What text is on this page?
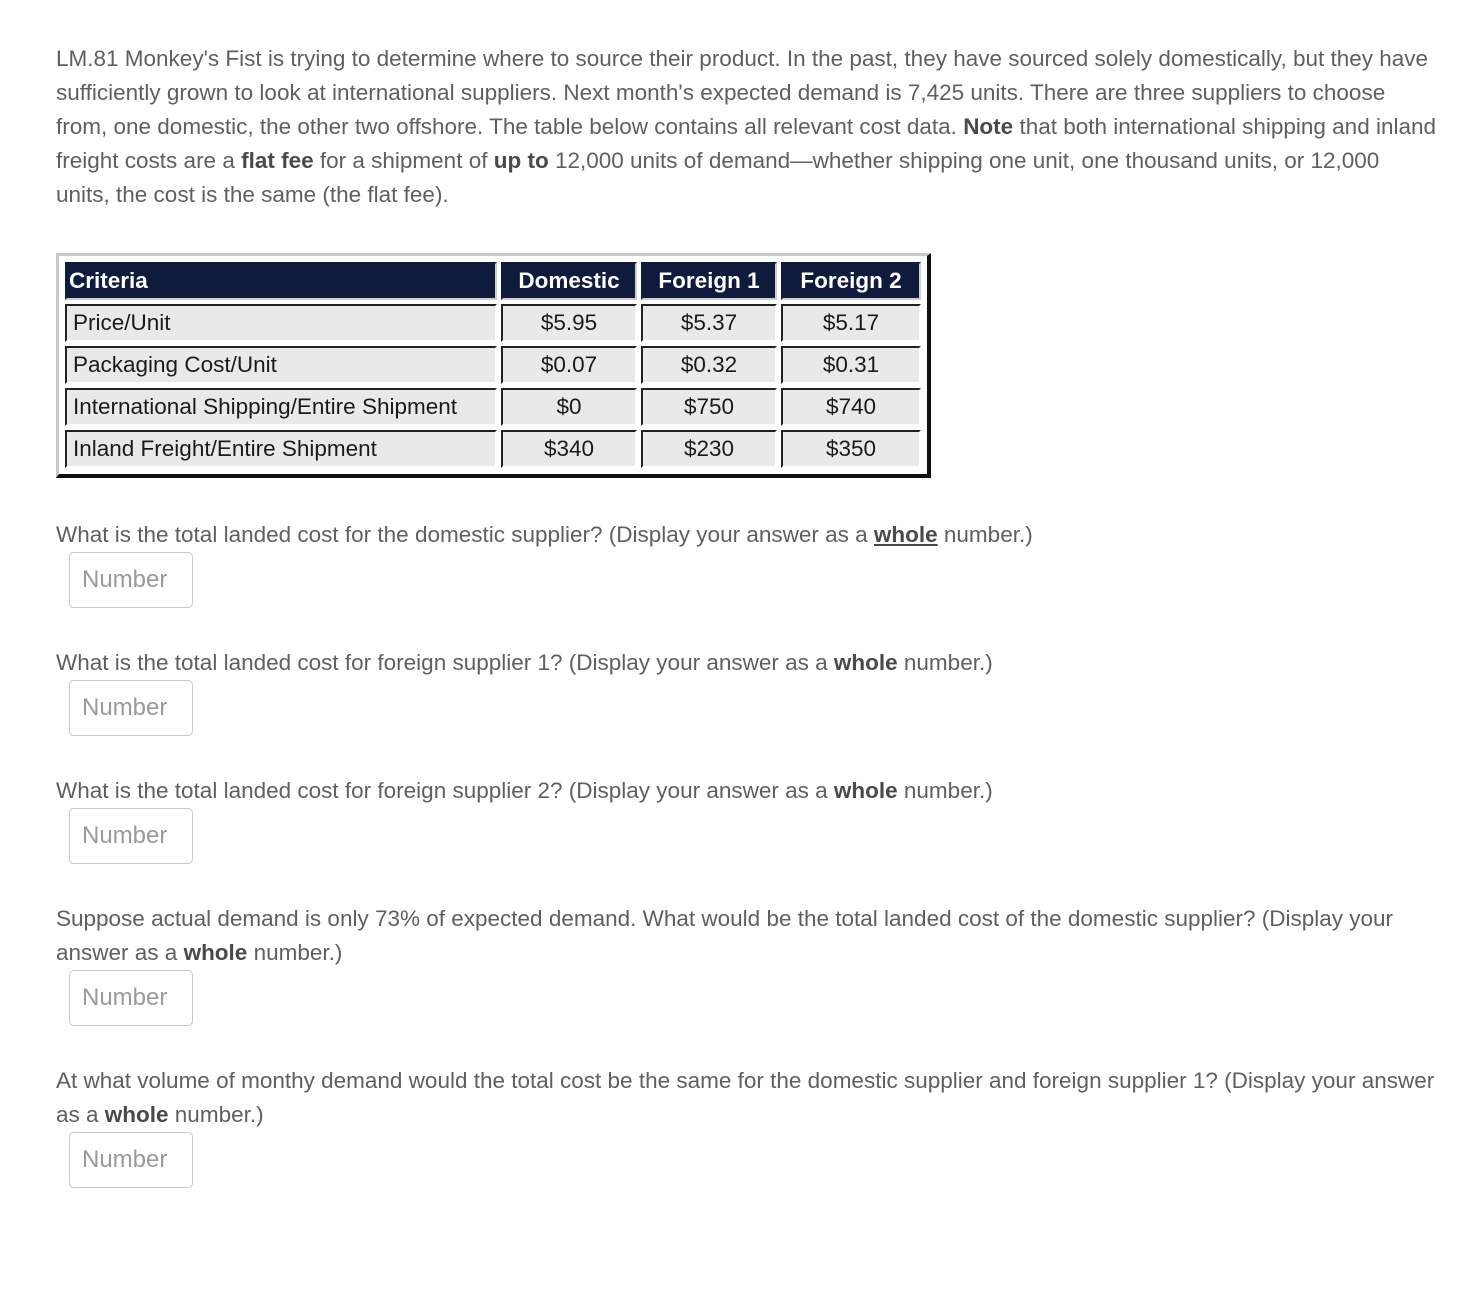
LM.81 Monkey's Fist is trying to determine where to source their product. In the past, they have sourced solely domestically, but they have sufficiently grown to look at international suppliers. Next month's expected demand is 7,425 units. There are three suppliers to choose from, one domestic, the other two offshore. The table below contains all relevant cost data. Note that both international shipping and inland freight costs are a flat fee for a shipment of up to 12,000 units of demand—whether shipping one unit, one thousand units, or 12,000 units, the cost is the same (the flat fee).

Criteria	Domestic	Foreign 1	Foreign 2
Price/Unit	$5.95	$5.37	$5.17
Packaging Cost/Unit	$0.07	$0.32	$0.31
International Shipping/Entire Shipment	$0	$750	$740
Inland Freight/Entire Shipment	$340	$230	$350

What is the total landed cost for the domestic supplier? (Display your answer as a whole number.)

Number

What is the total landed cost for foreign supplier 1? (Display your answer as a whole number.)

Number

What is the total landed cost for foreign supplier 2? (Display your answer as a whole number.)

Number

Suppose actual demand is only 73% of expected demand. What would be the total landed cost of the domestic supplier? (Display your answer as a whole number.)

Number

At what volume of monthy demand would the total cost be the same for the domestic supplier and foreign supplier 1? (Display your answer as a whole number.)

Number
